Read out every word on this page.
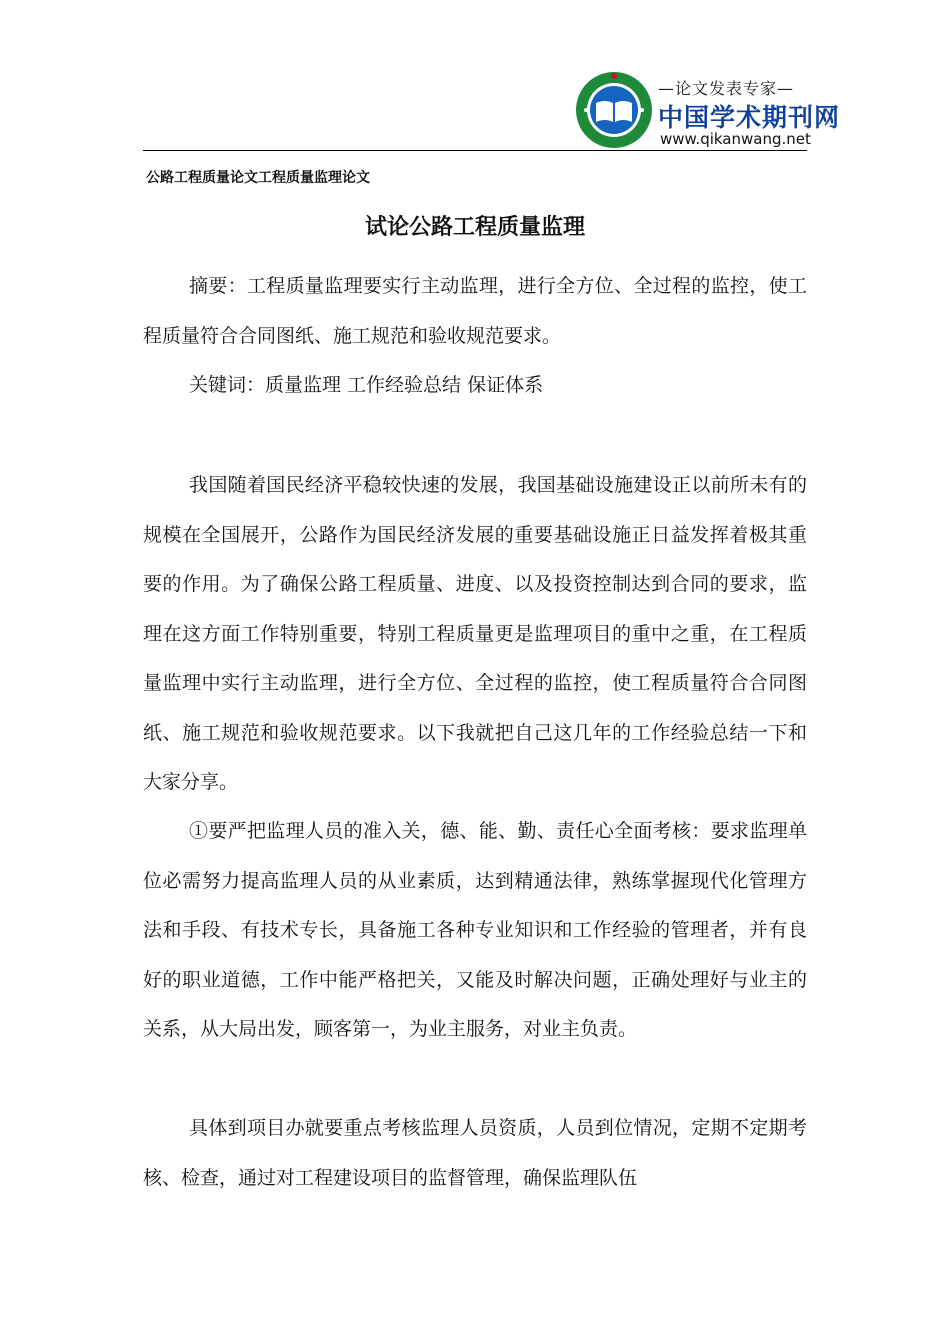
—论文发表专家—
中国学术期刊网
www.qikanwang.net
公路工程质量论文工程质量监理论文
试论公路工程质量监理

摘要：工程质量监理要实行主动监理，进行全方位、全过程的监控，使工程质量符合合同图纸、施工规范和验收规范要求。

关键词：质量监理 工作经验总结 保证体系

我国随着国民经济平稳较快速的发展，我国基础设施建设正以前所未有的规模在全国展开，公路作为国民经济发展的重要基础设施正日益发挥着极其重要的作用。为了确保公路工程质量、进度、以及投资控制达到合同的要求，监理在这方面工作特别重要，特别工程质量更是监理项目的重中之重，在工程质量监理中实行主动监理，进行全方位、全过程的监控，使工程质量符合合同图纸、施工规范和验收规范要求。以下我就把自己这几年的工作经验总结一下和大家分享。

①要严把监理人员的准入关，德、能、勤、责任心全面考核：要求监理单位必需努力提高监理人员的从业素质，达到精通法律，熟练掌握现代化管理方法和手段、有技术专长，具备施工各种专业知识和工作经验的管理者，并有良好的职业道德，工作中能严格把关，又能及时解决问题，正确处理好与业主的关系，从大局出发，顾客第一，为业主服务，对业主负责。

具体到项目办就要重点考核监理人员资质，人员到位情况，定期不定期考核、检查，通过对工程建设项目的监督管理，确保监理队伍
